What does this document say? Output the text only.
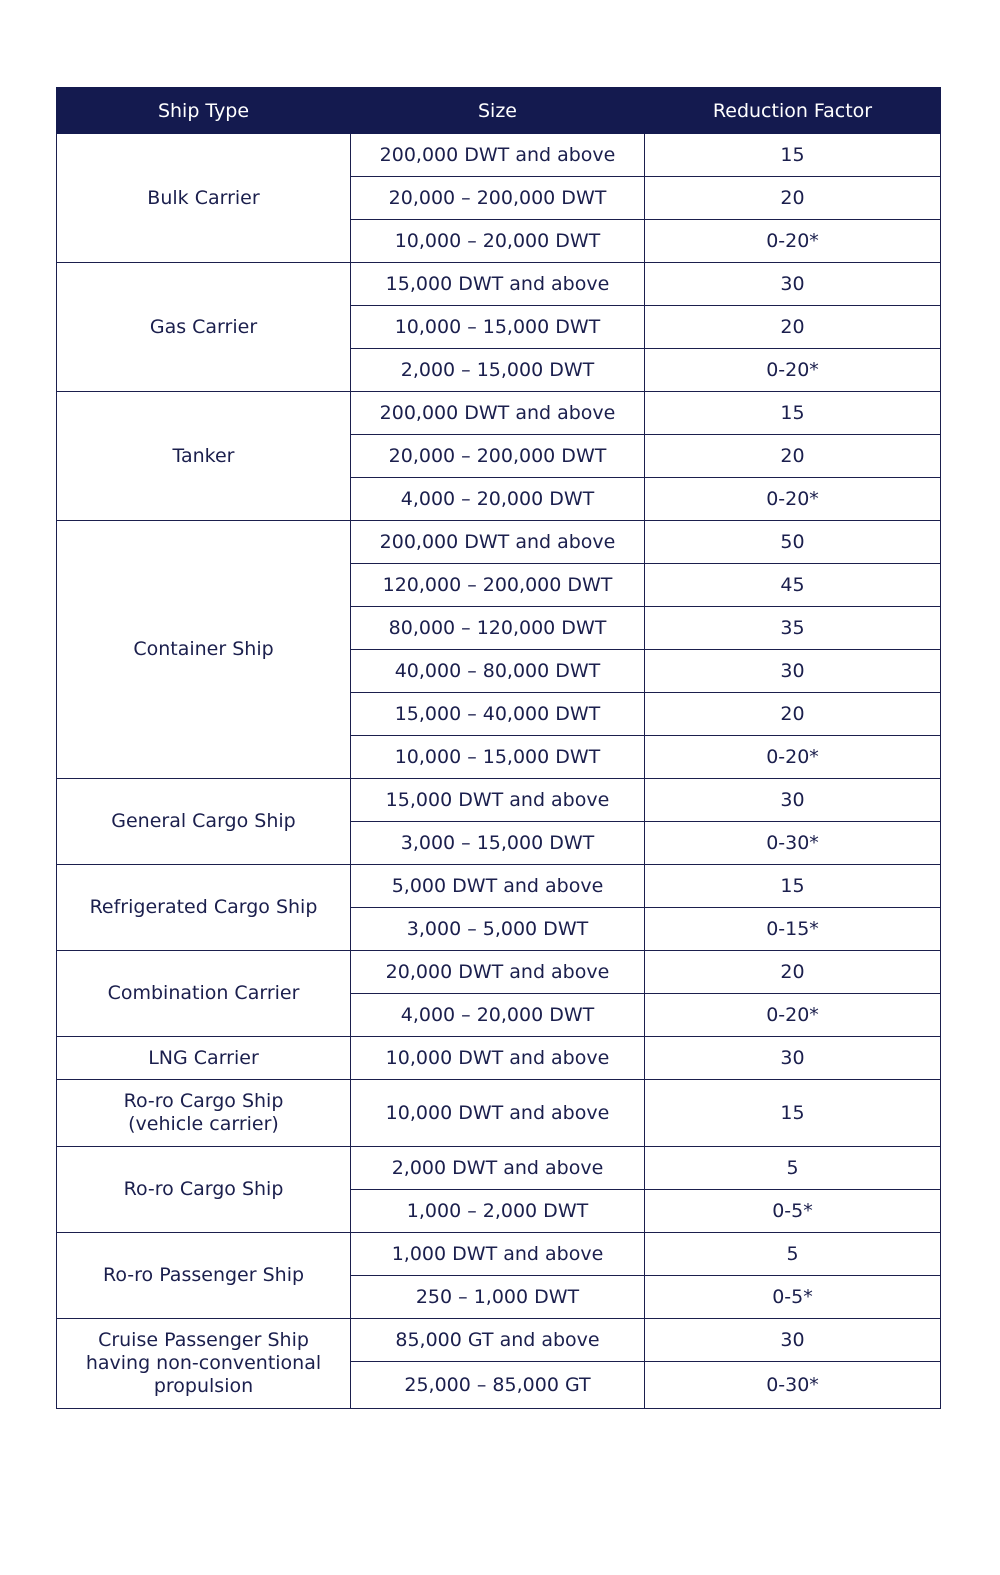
Ship Type	Size	Reduction Factor
Bulk Carrier	200,000 DWT and above	15
	20,000 – 200,000 DWT	20
	10,000 – 20,000 DWT	0-20*
Gas Carrier	15,000 DWT and above	30
	10,000 – 15,000 DWT	20
	2,000 – 15,000 DWT	0-20*
Tanker	200,000 DWT and above	15
	20,000 – 200,000 DWT	20
	4,000 – 20,000 DWT	0-20*
Container Ship	200,000 DWT and above	50
	120,000 – 200,000 DWT	45
	80,000 – 120,000 DWT	35
	40,000 – 80,000 DWT	30
	15,000 – 40,000 DWT	20
	10,000 – 15,000 DWT	0-20*
General Cargo Ship	15,000 DWT and above	30
	3,000 – 15,000 DWT	0-30*
Refrigerated Cargo Ship	5,000 DWT and above	15
	3,000 – 5,000 DWT	0-15*
Combination Carrier	20,000 DWT and above	20
	4,000 – 20,000 DWT	0-20*
LNG Carrier	10,000 DWT and above	30
Ro-ro Cargo Ship
(vehicle carrier)	10,000 DWT and above	15
Ro-ro Cargo Ship	2,000 DWT and above	5
	1,000 – 2,000 DWT	0-5*
Ro-ro Passenger Ship	1,000 DWT and above	5
	250 – 1,000 DWT	0-5*
Cruise Passenger Ship
having non-conventional
propulsion	85,000 GT and above	30
	25,000 – 85,000 GT	0-30*
